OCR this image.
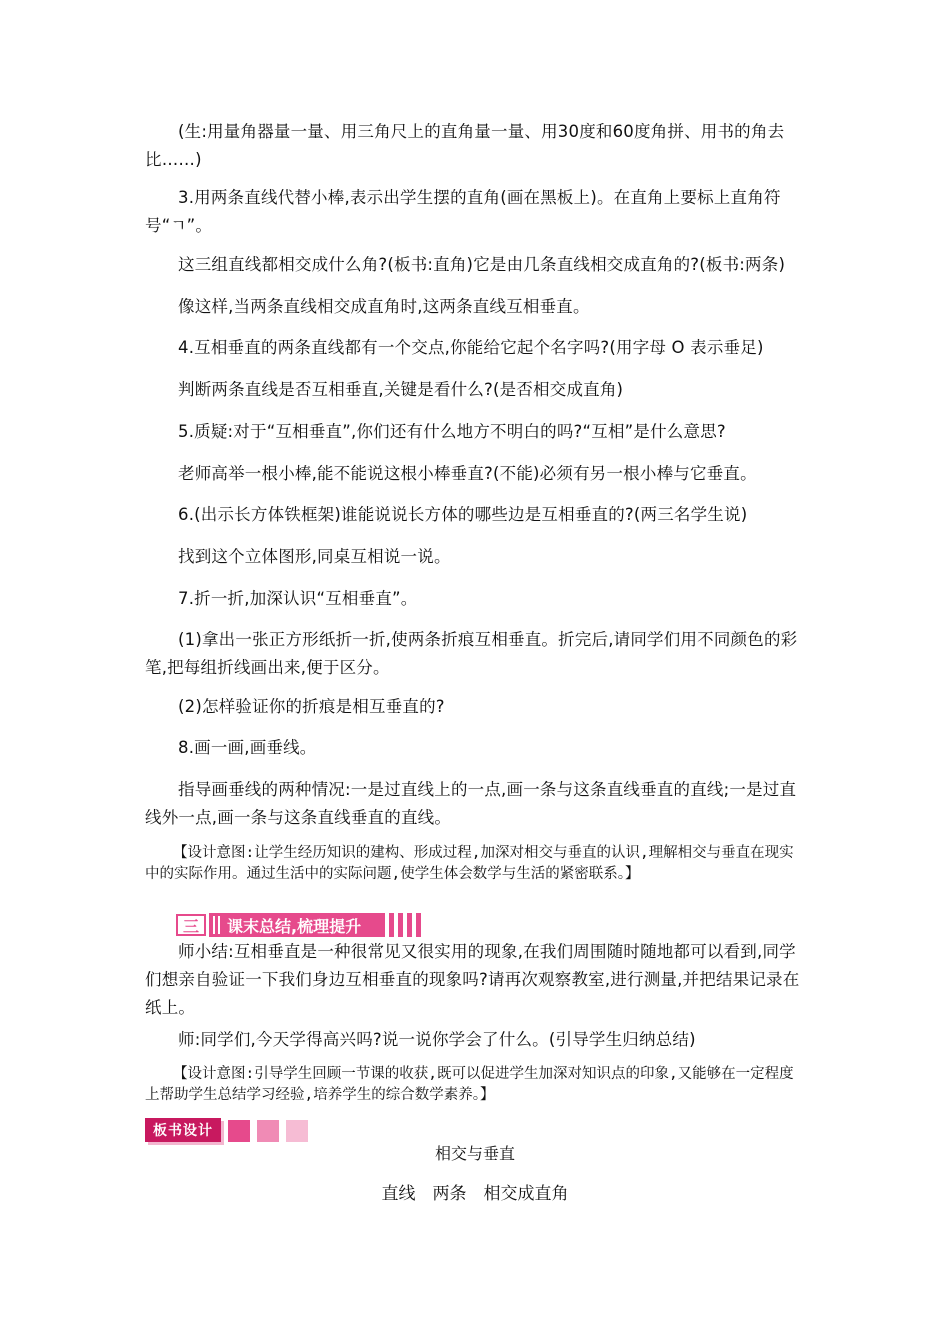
(生:用量角器量一量、用三角尺上的直角量一量、用30度和60度角拼、用书的角去比……)

3.用两条直线代替小棒,表示出学生摆的直角(画在黑板上)。在直角上要标上直角符号“ㄱ”。

这三组直线都相交成什么角?(板书:直角)它是由几条直线相交成直角的?(板书:两条)

像这样,当两条直线相交成直角时,这两条直线互相垂直。

4.互相垂直的两条直线都有一个交点,你能给它起个名字吗?(用字母 O 表示垂足)

判断两条直线是否互相垂直,关键是看什么?(是否相交成直角)

5.质疑:对于“互相垂直”,你们还有什么地方不明白的吗?“互相”是什么意思?

老师高举一根小棒,能不能说这根小棒垂直?(不能)必须有另一根小棒与它垂直。

6.(出示长方体铁框架)谁能说说长方体的哪些边是互相垂直的?(两三名学生说)

找到这个立体图形,同桌互相说一说。

7.折一折,加深认识“互相垂直”。

(1)拿出一张正方形纸折一折,使两条折痕互相垂直。折完后,请同学们用不同颜色的彩笔,把每组折线画出来,便于区分。

(2)怎样验证你的折痕是相互垂直的?

8.画一画,画垂线。

指导画垂线的两种情况:一是过直线上的一点,画一条与这条直线垂直的直线;一是过直线外一点,画一条与这条直线垂直的直线。

【设计意图:让学生经历知识的建构、形成过程,加深对相交与垂直的认识,理解相交与垂直在现实中的实际作用。通过生活中的实际问题,使学生体会数学与生活的紧密联系。】

【设计意图:引导学生回顾一节课的收获,既可以促进学生加深对知识点的印象,又能够在一定程度上帮助学生总结学习经验,培养学生的综合数学素养。】

师小结:互相垂直是一种很常见又很实用的现象,在我们周围随时随地都可以看到,同学们想亲自验证一下我们身边互相垂直的现象吗?请再次观察教室,进行测量,并把结果记录在纸上。

师:同学们,今天学得高兴吗?说一说你学会了什么。(引导学生归纳总结)

三	课末总结,梳理提升
板书设计

相交与垂直

直线　两条　相交成直角
